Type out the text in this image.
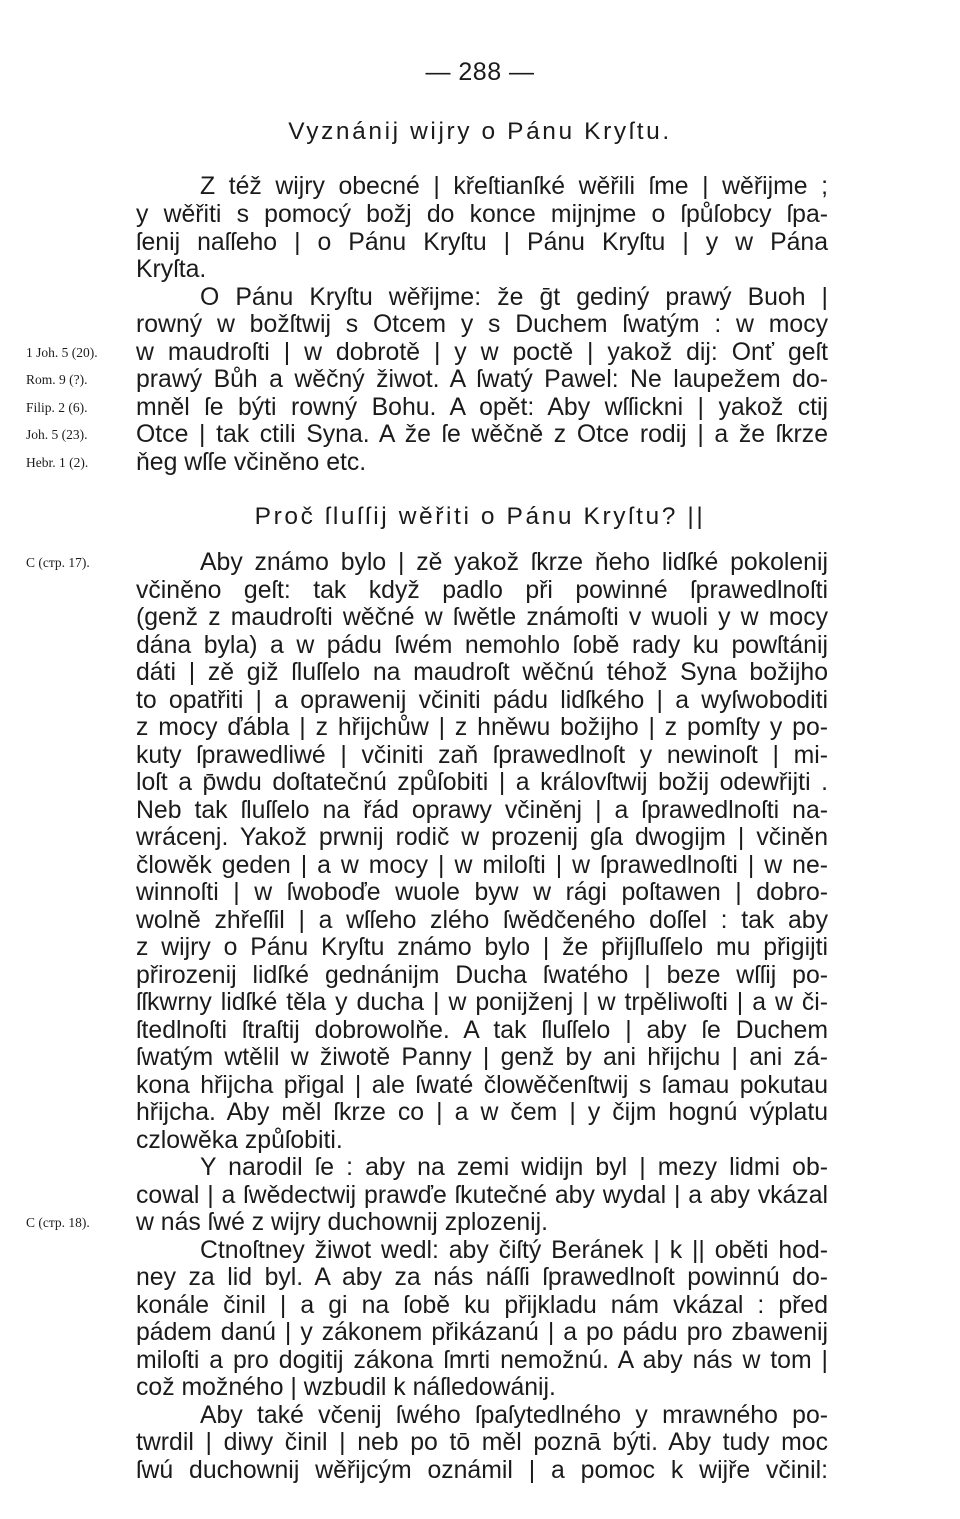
— 288 —
Vyznánij wijry o Pánu Kryſtu.
Z též wijry obecné | křeſtianſké wěřili ſme | wěřijme ;
y wěřiti s pomocý božj do konce mijnjme o ſpůſobcy ſpa-
ſenij naſſeho | o Pánu Kryſtu | Pánu Kryſtu | y w Pána
Kryſta.
O Pánu Kryſtu wěřijme: že ḡt gediný prawý Buoh |
rowný w božſtwij s Otcem y s Duchem ſwatým : w mocy
w maudroſti | w dobrotě | y w poctě | yakož dij: Onť geſt
prawý Bůh a wěčný žiwot. A ſwatý Pawel: Ne laupežem do-
mněl ſe býti rowný Bohu. A opět: Aby wſſickni | yakož ctij
Otce | tak ctili Syna. A že ſe wěčně z Otce rodij | a že ſkrze
ňeg wſſe včiněno etc.
Proč ſluſſij wěřiti o Pánu Kryſtu? ||
Aby známo bylo | zě yakož ſkrze ňeho lidſké pokolenij
včiněno geſt: tak když padlo při powinné ſprawedlnoſti
(genž z maudroſti wěčné w ſwětle známoſti v wuoli y w mocy
dána byla) a w pádu ſwém nemohlo ſobě rady ku powſtánij
dáti | zě giž ſluſſelo na maudroſt wěčnú téhož Syna božijho
to opatřiti | a oprawenij včiniti pádu lidſkého | a wyſwoboditi
z mocy ďábla | z hřijchůw | z hněwu božijho | z pomſty y po-
kuty ſprawedliwé | včiniti zaň ſprawedlnoſt y newinoſt | mi-
loſt a p̄wdu doſtatečnú způſobiti | a královſtwij božij odewřijti .
Neb tak ſluſſelo na řád oprawy včiněnj | a ſprawedlnoſti na-
wrácenj. Yakož prwnij rodič w prozenij gſa dwogijm | včiněn
člowěk geden | a w mocy | w miloſti | w ſprawedlnoſti | w ne-
winnoſti | w ſwoboďe wuole byw w rági poſtawen | dobro-
wolně zhřeſſil | a wſſeho zlého ſwědčeného doſſel : tak aby
z wijry o Pánu Kryſtu známo bylo | že přijſluſſelo mu přigijti
přirozenij lidſké gednánijm Ducha ſwatého | beze wſſij po-
ſſkwrny lidſké těla y ducha | w ponijženj | w trpěliwoſti | a w či-
ſtedlnoſti ſtraſtij dobrowolňe. A tak ſluſſelo | aby ſe Duchem
ſwatým wtělil w žiwotě Panny | genž by ani hřijchu | ani zá-
kona hřijcha přigal | ale ſwaté člowěčenſtwij s ſamau pokutau
hřijcha. Aby měl ſkrze co | a w čem | y čijm hognú výplatu
czlowěka způſobiti.
Y narodil ſe : aby na zemi widijn byl | mezy lidmi ob-
cowal | a ſwědectwij prawďe ſkutečné aby wydal | a aby vkázal
w nás ſwé z wijry duchownij zplozenij.
Ctnoſtney žiwot wedl: aby čiſtý Beránek | k || oběti hod-
ney za lid byl. A aby za nás náſſi ſprawedlnoſt powinnú do-
konále činil | a gi na ſobě ku přijkladu nám vkázal : před
pádem danú | y zákonem přikázanú | a po pádu pro zbawenij
miloſti a pro dogitij zákona ſmrti nemožnú. A aby nás w tom |
což možného | wzbudil k náſledowánij.
Aby také včenij ſwého ſpaſytedlného y mrawného po-
twrdil | diwy činil | neb po tō měl poznā býti. Aby tudy moc
ſwú duchownij wěřijcým oznámil | a pomoc k wijře včinil:
1 Joh. 5 (20).
Rom. 9 (?).
Filip. 2 (6).
Joh. 5 (23).
Hebr. 1 (2).
C (стр. 17).
C (стр. 18).
